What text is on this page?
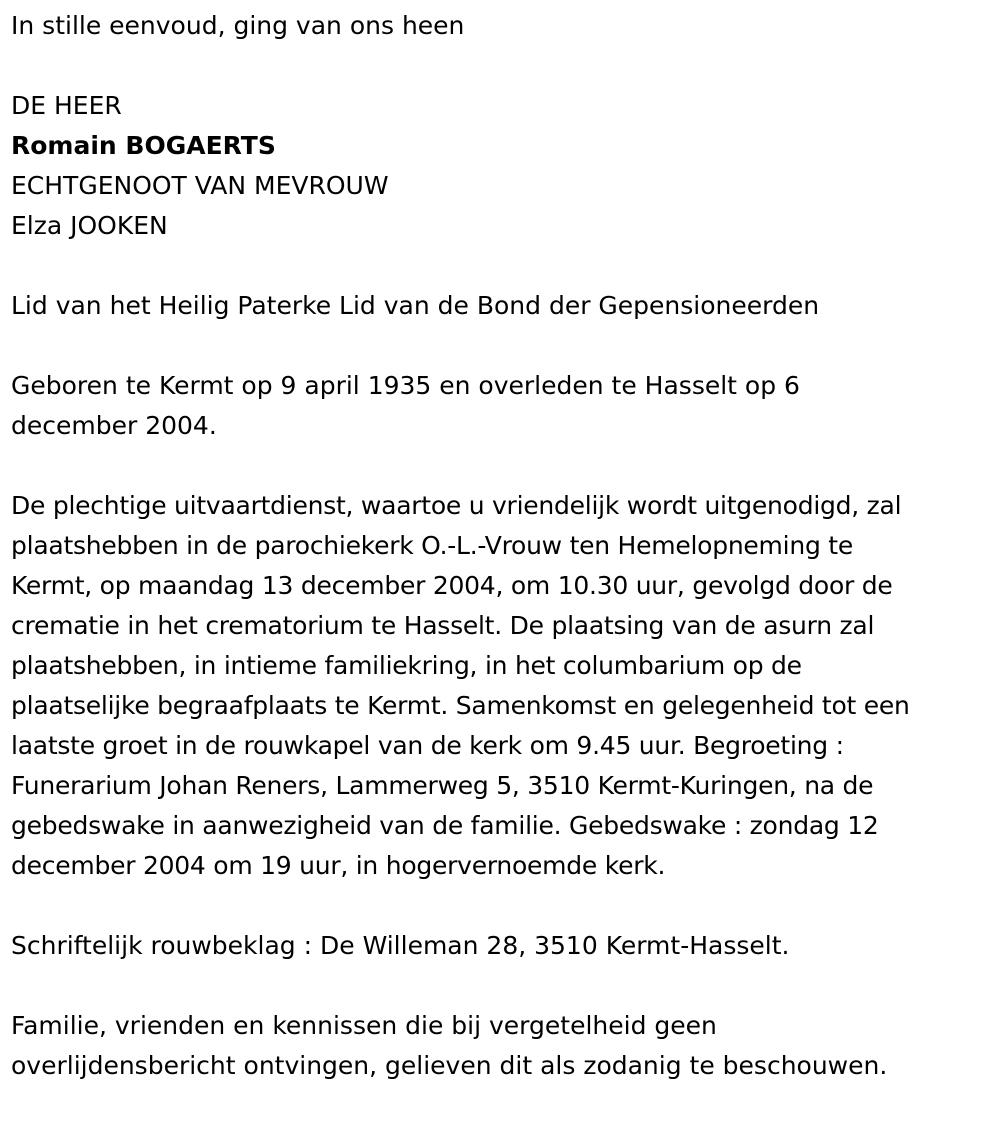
In stille eenvoud, ging van ons heen

DE HEER

Romain BOGAERTS

ECHTGENOOT VAN MEVROUW

Elza JOOKEN

Lid van het Heilig Paterke Lid van de Bond der Gepensioneerden

Geboren te Kermt op 9 april 1935 en overleden te Hasselt op 6

december 2004.

De plechtige uitvaartdienst, waartoe u vriendelijk wordt uitgenodigd, zal

plaatshebben in de parochiekerk O.-L.-Vrouw ten Hemelopneming te

Kermt, op maandag 13 december 2004, om 10.30 uur, gevolgd door de

crematie in het crematorium te Hasselt. De plaatsing van de asurn zal

plaatshebben, in intieme familiekring, in het columbarium op de

plaatselijke begraafplaats te Kermt. Samenkomst en gelegenheid tot een

laatste groet in de rouwkapel van de kerk om 9.45 uur. Begroeting :

Funerarium Johan Reners, Lammerweg 5, 3510 Kermt-Kuringen, na de

gebedswake in aanwezigheid van de familie. Gebedswake : zondag 12

december 2004 om 19 uur, in hogervernoemde kerk.

Schriftelijk rouwbeklag : De Willeman 28, 3510 Kermt-Hasselt.

Familie, vrienden en kennissen die bij vergetelheid geen

overlijdensbericht ontvingen, gelieven dit als zodanig te beschouwen.
